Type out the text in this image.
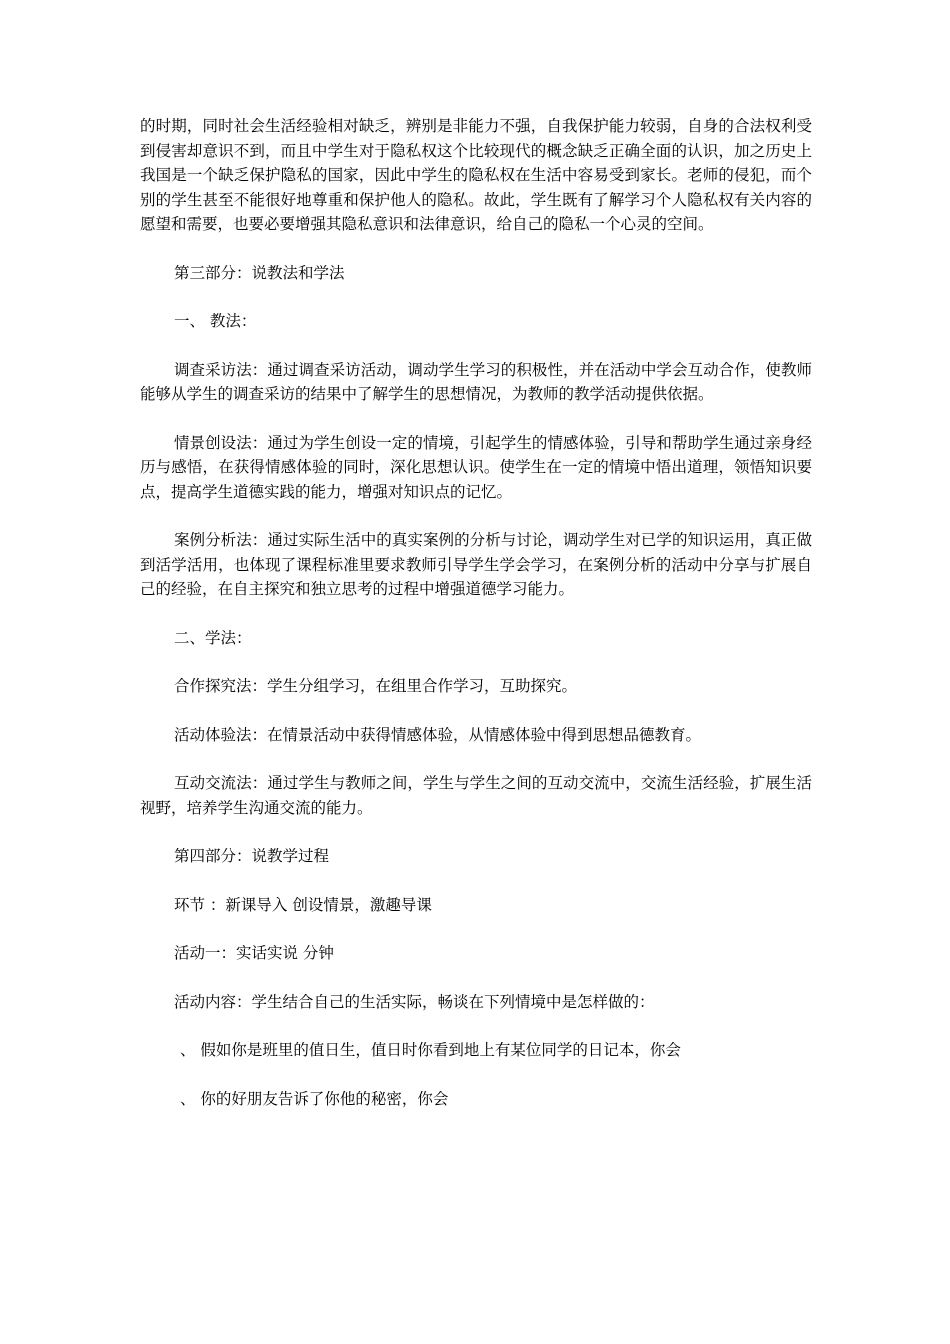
的时期，同时社会生活经验相对缺乏，辨别是非能力不强，自我保护能力较弱，自身的合法权利受到侵害却意识不到，而且中学生对于隐私权这个比较现代的概念缺乏正确全面的认识，加之历史上我国是一个缺乏保护隐私的国家，因此中学生的隐私权在生活中容易受到家长。老师的侵犯，而个别的学生甚至不能很好地尊重和保护他人的隐私。故此，学生既有了解学习个人隐私权有关内容的愿望和需要，也要必要增强其隐私意识和法律意识，给自己的隐私一个心灵的空间。

第三部分：说教法和学法

一、 教法：

调查采访法：通过调查采访活动，调动学生学习的积极性，并在活动中学会互动合作，使教师能够从学生的调查采访的结果中了解学生的思想情况，为教师的教学活动提供依据。

情景创设法：通过为学生创设一定的情境，引起学生的情感体验，引导和帮助学生通过亲身经历与感悟，在获得情感体验的同时，深化思想认识。使学生在一定的情境中悟出道理，领悟知识要点，提高学生道德实践的能力，增强对知识点的记忆。

案例分析法：通过实际生活中的真实案例的分析与讨论，调动学生对已学的知识运用，真正做到活学活用，也体现了课程标准里要求教师引导学生学会学习，在案例分析的活动中分享与扩展自己的经验，在自主探究和独立思考的过程中增强道德学习能力。

二、学法：

合作探究法：学生分组学习，在组里合作学习，互助探究。

活动体验法：在情景活动中获得情感体验，从情感体验中得到思想品德教育。

互动交流法：通过学生与教师之间，学生与学生之间的互动交流中，交流生活经验，扩展生活视野，培养学生沟通交流的能力。

第四部分：说教学过程

环节 ：新课导入 创设情景，激趣导课

活动一：实话实说 分钟

活动内容：学生结合自己的生活实际，畅谈在下列情境中是怎样做的：

、 假如你是班里的值日生，值日时你看到地上有某位同学的日记本，你会

、 你的好朋友告诉了你他的秘密，你会
